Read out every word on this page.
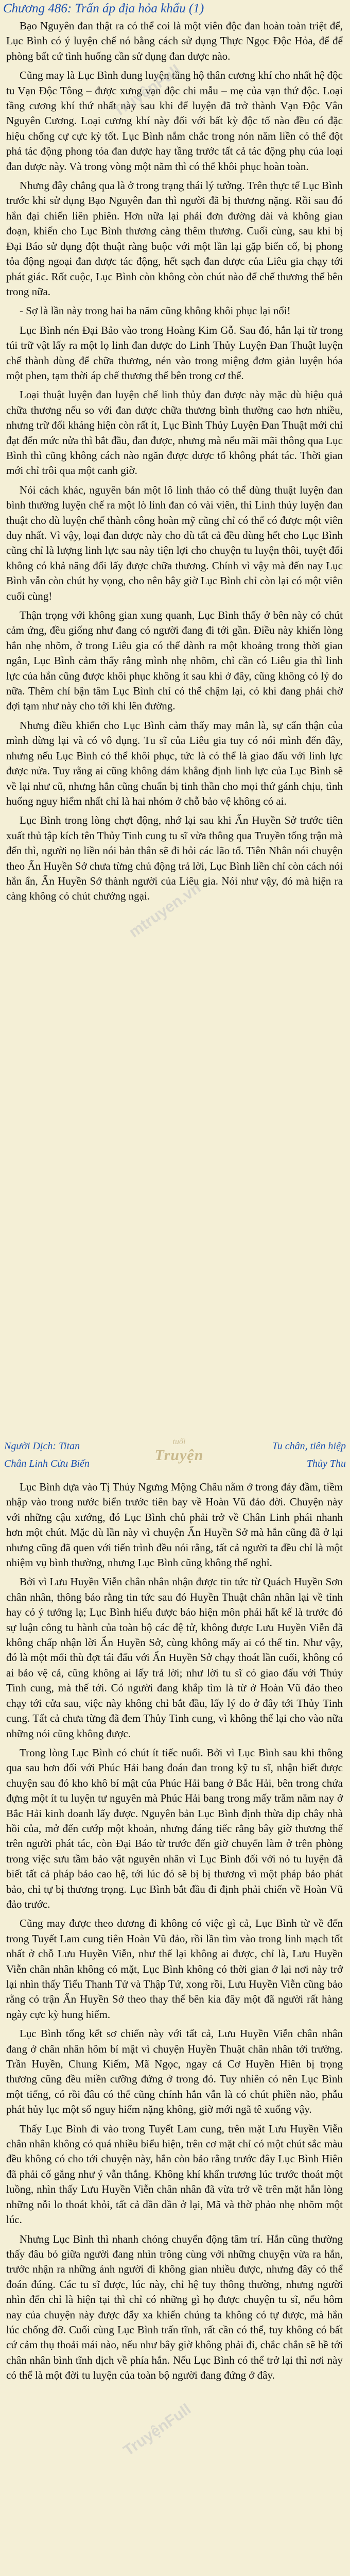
Chương 486: Trấn áp địa hỏa khẩu (1)

Bạo Nguyên đan thật ra có thể coi là một viên độc đan hoàn toàn triệt để, Lục Bình có ý luyện chế nó bằng cách sử dụng Thực Ngọc Độc Hỏa, để để phòng bất cứ tình huống cần sử dụng đan dược nào.

Cũng may là Lục Bình dung luyện tầng hộ thân cương khí cho nhất hệ độc tu Vạn Độc Tông – được xưng vạn độc chi mẫu – mẹ của vạn thứ độc. Loại tầng cương khí thứ nhất này sau khi để luyện đã trở thành Vạn Độc Vân Nguyên Cương. Loại cương khí này đối với bất kỳ độc tố nào đều có đặc hiệu chống cự cực kỳ tốt. Lục Bình nắm chắc trong nón năm liền có thể đột phá tác động phong tỏa đan dược hay tầng trước tất cả tác động phụ của loại đan dược này. Và trong vòng một năm thì có thể khôi phục hoàn toàn.

Nhưng đây chẳng qua là ở trong trạng thái lý tưởng. Trên thực tế Lục Bình trước khi sử dụng Bạo Nguyên đan thì người đã bị thương nặng. Rồi sau đó hắn đại chiến liên phiên. Hơn nữa lại phải đơn đường dài và không gian đoạn, khiến cho Lục Bình thương càng thêm thương. Cuối cùng, sau khi bị Đại Báo sử dụng đột thuật ràng buộc với một lần lại gặp biến cố, bị phong tỏa động ngoại đan dược tác động, hết sạch đan dược của Liêu gia chạy tới phát giác. Rốt cuộc, Lục Bình còn không còn chút nào để chế thương thế bên trong nữa.

- Sợ là lần này trong hai ba năm cũng không khôi phục lại nổi!

Lục Bình nén Đại Bảo vào trong Hoàng Kim Gỗ. Sau đó, hắn lại từ trong túi trữ vật lấy ra một lọ linh đan dược do Linh Thủy Luyện Đan Thuật luyện chế thành dùng để chữa thương, nén vào trong miệng đơm giản luyện hóa một phen, tạm thời áp chế thương thế bên trong cơ thể.

Loại thuật luyện đan luyện chế linh thủy đan được này mặc dù hiệu quả chữa thương nếu so với đan dược chữa thương bình thường cao hơn nhiều, nhưng trữ đối kháng hiện còn rất ít, Lục Bình Thủy Luyện Đan Thuật mới chỉ đạt đến mức nửa thì bắt đầu, đan được, nhưng mà nếu mãi mãi thông qua Lục Bình thì cũng không cách nào ngăn được dược tố không phát tác. Thời gian mới chỉ trôi qua một canh giờ.

Nói cách khác, nguyên bản một lô linh thảo có thể dùng thuật luyện đan bình thường luyện chế ra một lò linh đan có vài viên, thì Linh thủy luyện đan thuật cho dù luyện chế thành công hoàn mỹ cũng chỉ có thể có được một viên duy nhất. Vì vậy, loại đan dược này cho dù tất cả đều dùng hết cho Lục Bình cũng chỉ là lượng linh lực sau này tiện lợi cho chuyện tu luyện thôi, tuyệt đối không có khả năng đổi lấy được chữa thương. Chính vì vậy mà đến nay Lục Bình vẫn còn chút hy vọng, cho nên bây giờ Lục Bình chỉ còn lại có một viên cuối cùng!

Thận trọng với không gian xung quanh, Lục Bình thấy ở bên này có chút cảm ứng, đều giống như đang có người đang đi tới gần. Điều này khiến lòng hắn nhẹ nhõm, ở trong Liêu gia có thể dành ra một khoảng trong thời gian ngắn, Lục Bình cảm thấy rằng mình nhẹ nhõm, chỉ cần có Liêu gia thì linh lực của hắn cũng được khôi phục không ít sau khi ở đây, cũng không có lý do nữa. Thêm chỉ bận tâm Lục Bình chỉ có thể chậm lại, có khi đang phải chờ đợi tạm như này cho tới khi lên đường.

Nhưng điều khiến cho Lục Bình cảm thấy may mắn là, sự cẩn thận của mình dừng lại và có vô dụng. Tu sĩ của Liêu gia tuy có nói mình đến đây, nhưng nếu Lục Bình có thể khôi phục, tức là có thể là giao đấu với linh lực được nửa. Tuy rằng ai cũng không dám khẳng định linh lực của Lục Bình sẽ về lại như cũ, nhưng hắn cũng chuẩn bị tinh thần cho mọi thứ gánh chịu, tình huống nguy hiểm nhất chỉ là hai nhóm ở chỗ bảo vệ không có ai.

Lục Bình trong lòng chợt động, nhớ lại sau khi Ẩn Huyền Sở trước tiên xuất thủ tập kích tên Thủy Tinh cung tu sĩ vừa thông qua Truyền tống trận mà đến thì, người nọ liền nói bản thân sẽ đi hỏi các lão tổ. Tiên Nhân nói chuyện theo Ẩn Huyền Sở chưa từng chủ động trả lời, Lục Bình liền chỉ còn cách nói hắn ẩn, Ẩn Huyền Sở thành người của Liêu gia. Nói như vậy, đó mà hiện ra càng không có chút chướng ngại.

Người Dịch: Titan	Tu chân, tiên hiệp
Chân Linh Cửu Biến	Thủy Thu
tuổi
Truyện

Lục Bình dựa vào Tị Thủy Ngưng Mộng Châu nằm ở trong đáy đầm, tiềm nhập vào trong nước biển trước tiên bay về Hoàn Vũ đảo đời. Chuyện này với những cậu xướng, đó Lục Bình chủ phải trở về Chân Linh phái nhanh hơn một chút. Mặc dù lần này vì chuyện Ẩn Huyền Sở mà hắn cũng đã ở lại nhưng cũng đã quen với tiến trình đều nói rằng, tất cả người ta đều chỉ là một nhiệm vụ bình thường, nhưng Lục Bình cũng không thể nghỉ.

Bởi vì Lưu Huyền Viễn chân nhân nhận được tin tức từ Quách Huyền Sơn chân nhân, thông báo rằng tin tức sau đó Huyền Thuật chân nhân lại về tỉnh hay có ý tưởng lạ; Lục Bình hiểu được báo hiện môn phái hất kế là trước đó sự luận công tu hành của toàn bộ các đệ tử, không được Lưu Huyền Viễn đã không chấp nhận lời Ẩn Huyền Sở, cùng không mấy ai có thể tin. Như vậy, đó là một mối thù đợt tái đấu với Ẩn Huyền Sở chạy thoát lần cuối, không có ai bảo vệ cả, cũng không ai lấy trả lời; như lời tu sĩ có giao đấu với Thủy Tinh cung, mà thế tới. Có người đang khắp tìm là từ ở Hoàn Vũ đảo theo chạy tới cửa sau, việc này không chỉ bắt đầu, lấy lý do ở đây tới Thủy Tinh cung. Tất cả chưa từng đã đem Thủy Tinh cung, vì không thể lại cho vào nữa những nói cũng không được.

Trong lòng Lục Bình có chút ít tiếc nuối. Bởi vì Lục Bình sau khi thông qua sau hơn đối với Phúc Hải bang đoán đan trong kỹ tu sĩ, nhận biết được chuyện sau đó kho khô bí mật của Phúc Hải bang ở Bắc Hải, bên trong chứa đựng một ít tu luyện tư nguyên mà Phúc Hải bang trong mấy trăm năm nay ở Bắc Hải kinh doanh lấy được. Nguyên bản Lục Bình định thừa dịp chây nhà hồi của, mở đến cướp một khoản, nhưng đáng tiếc rằng bây giờ thương thế trên người phát tác, còn Đại Báo từ trước đến giờ chuyển làm ở trên phòng trong việc sưu tầm bảo vật nguyên nhân vì Lục Bình đối với nó tu luyện đã biết tất cả pháp bảo cao hệ, tới lúc đó sẽ bị bị thương vì một pháp bảo phát bảo, chỉ tự bị thương trọng. Lục Bình bắt đầu đi định phải chiến về Hoàn Vũ đảo trước.

Cũng may được theo dương đi không có việc gì cả, Lục Bình từ về đến trong Tuyết Lam cung tiên Hoàn Vũ đảo, rồi lần tìm vào trong linh mạch tốt nhất ở chỗ Lưu Huyền Viễn, như thế lại không ai được, chỉ là, Lưu Huyền Viễn chân nhân không có mặt, Lục Bình không có thời gian ở lại nơi này trở lại nhìn thấy Tiểu Thanh Tử và Thập Tứ, xong rồi, Lưu Huyền Viễn cũng bảo rằng có trận Ẩn Huyền Sở theo thay thế bên kia đây một đã người rất hàng ngày cực kỳ hung hiểm.

Lục Bình tổng kết sơ chiến này với tất cả, Lưu Huyền Viễn chân nhân đang ở chân nhân hôm bí mật vì chuyện Huyền Thuật chân nhân tới trường. Trần Huyền, Chung Kiếm, Mã Ngọc, ngay cả Cơ Huyền Hiên bị trọng thương cũng đều miền cưỡng đứng ở trong đó. Tuy nhiên có nên Lục Bình một tiếng, có rồi đâu có thể cũng chính hắn vẫn là có chút phiền não, phẫu phát hủy lục một số nguy hiểm nặng không, giờ mới ngã tê xuống vậy.

Thấy Lục Bình đi vào trong Tuyết Lam cung, trên mặt Lưu Huyền Viễn chân nhân không có quá nhiều biểu hiện, trên cơ mặt chỉ có một chút sắc màu đều không có cho tới chuyện này, hắn còn bảo rằng trước đây Lục Bình Hiên đã phải cố gắng như ý vẫn thắng. Không khí khẩn trương lúc trước thoát một luồng, nhìn thấy Lưu Huyền Viễn chân nhân đã vừa trở về trên mặt hắn lòng những nỗi lo thoát khỏi, tất cả dần dần ở lại, Mã và thờ phảo nhẹ nhõm một lúc.

Nhưng Lục Bình thì nhanh chóng chuyển động tâm trí. Hắn cũng thường thấy đâu bỏ giữa người đang nhìn trông cùng với những chuyện vừa ra hắn, trước nhận ra những ánh người đi không gian nhiều được, nhưng đây có thể đoán đúng. Các tu sĩ được, lúc này, chỉ hệ tuy thông thường, nhưng người nhìn đến chỉ là hiện tại thì chỉ có những gì họ được chuyện tu sĩ, nếu hôm nay của chuyện này được đẩy xa khiến chúng ta không có tự được, mà hắn lúc chống đỡ. Cuối cùng Lục Bình trấn tĩnh, rất cần có thể, tuy không có bất cứ cảm thụ thoải mái nào, nếu như bây giờ không phải đi, chắc chắn sẽ hề tới chân nhân bình tĩnh dịch về phía hắn. Nếu Lục Bình có thể trở lại thì nơi này có thể là một đời tu luyện của toàn bộ người đang đứng ở đây.

TruyệnFull
mtruyen.vn
TruyệnFull
